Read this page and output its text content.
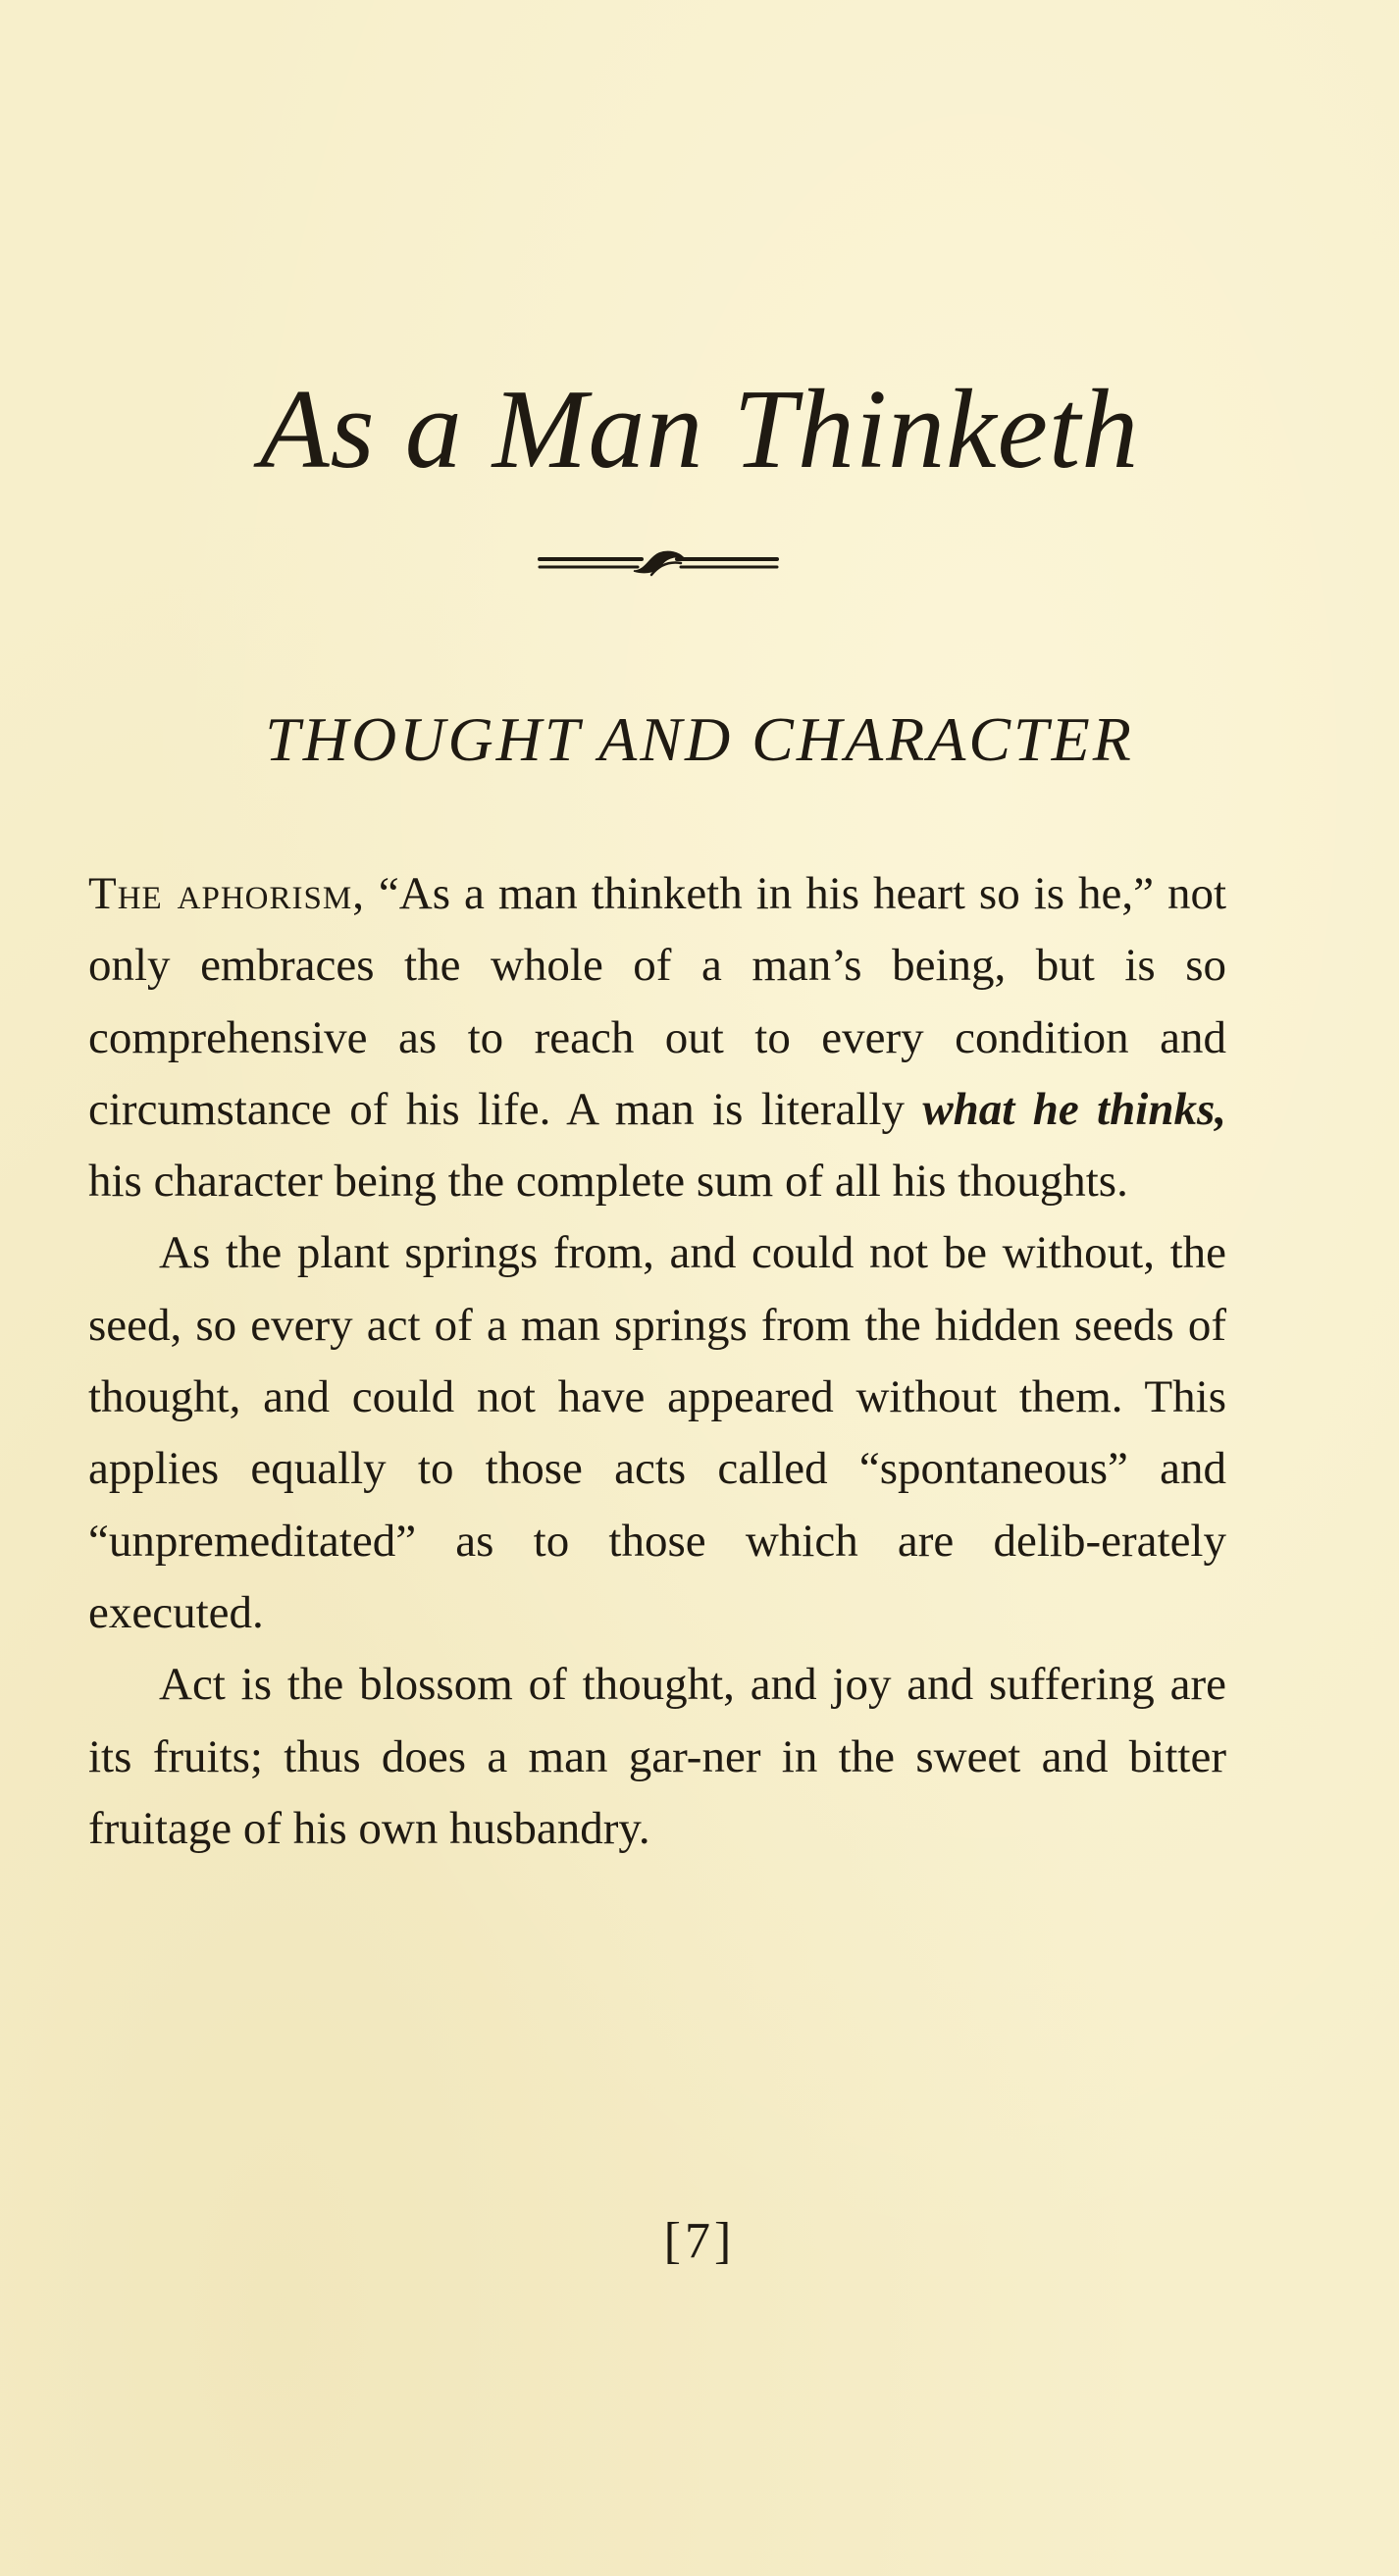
As a Man Thinketh
THOUGHT AND CHARACTER

The aphorism, “As a man thinketh in his heart so is he,” not only embraces the whole of a man’s being, but is so comprehensive as to reach out to every condition and circumstance of his life. A man is literally what he thinks, his character being the complete sum of all his thoughts.

As the plant springs from, and could not be without, the seed, so every act of a man springs from the hidden seeds of thought, and could not have appeared without them. This applies equally to those acts called “spontaneous” and “unpremeditated” as to those which are delib-erately executed.

Act is the blossom of thought, and joy and suffering are its fruits; thus does a man gar-ner in the sweet and bitter fruitage of his own husbandry.

[7]
